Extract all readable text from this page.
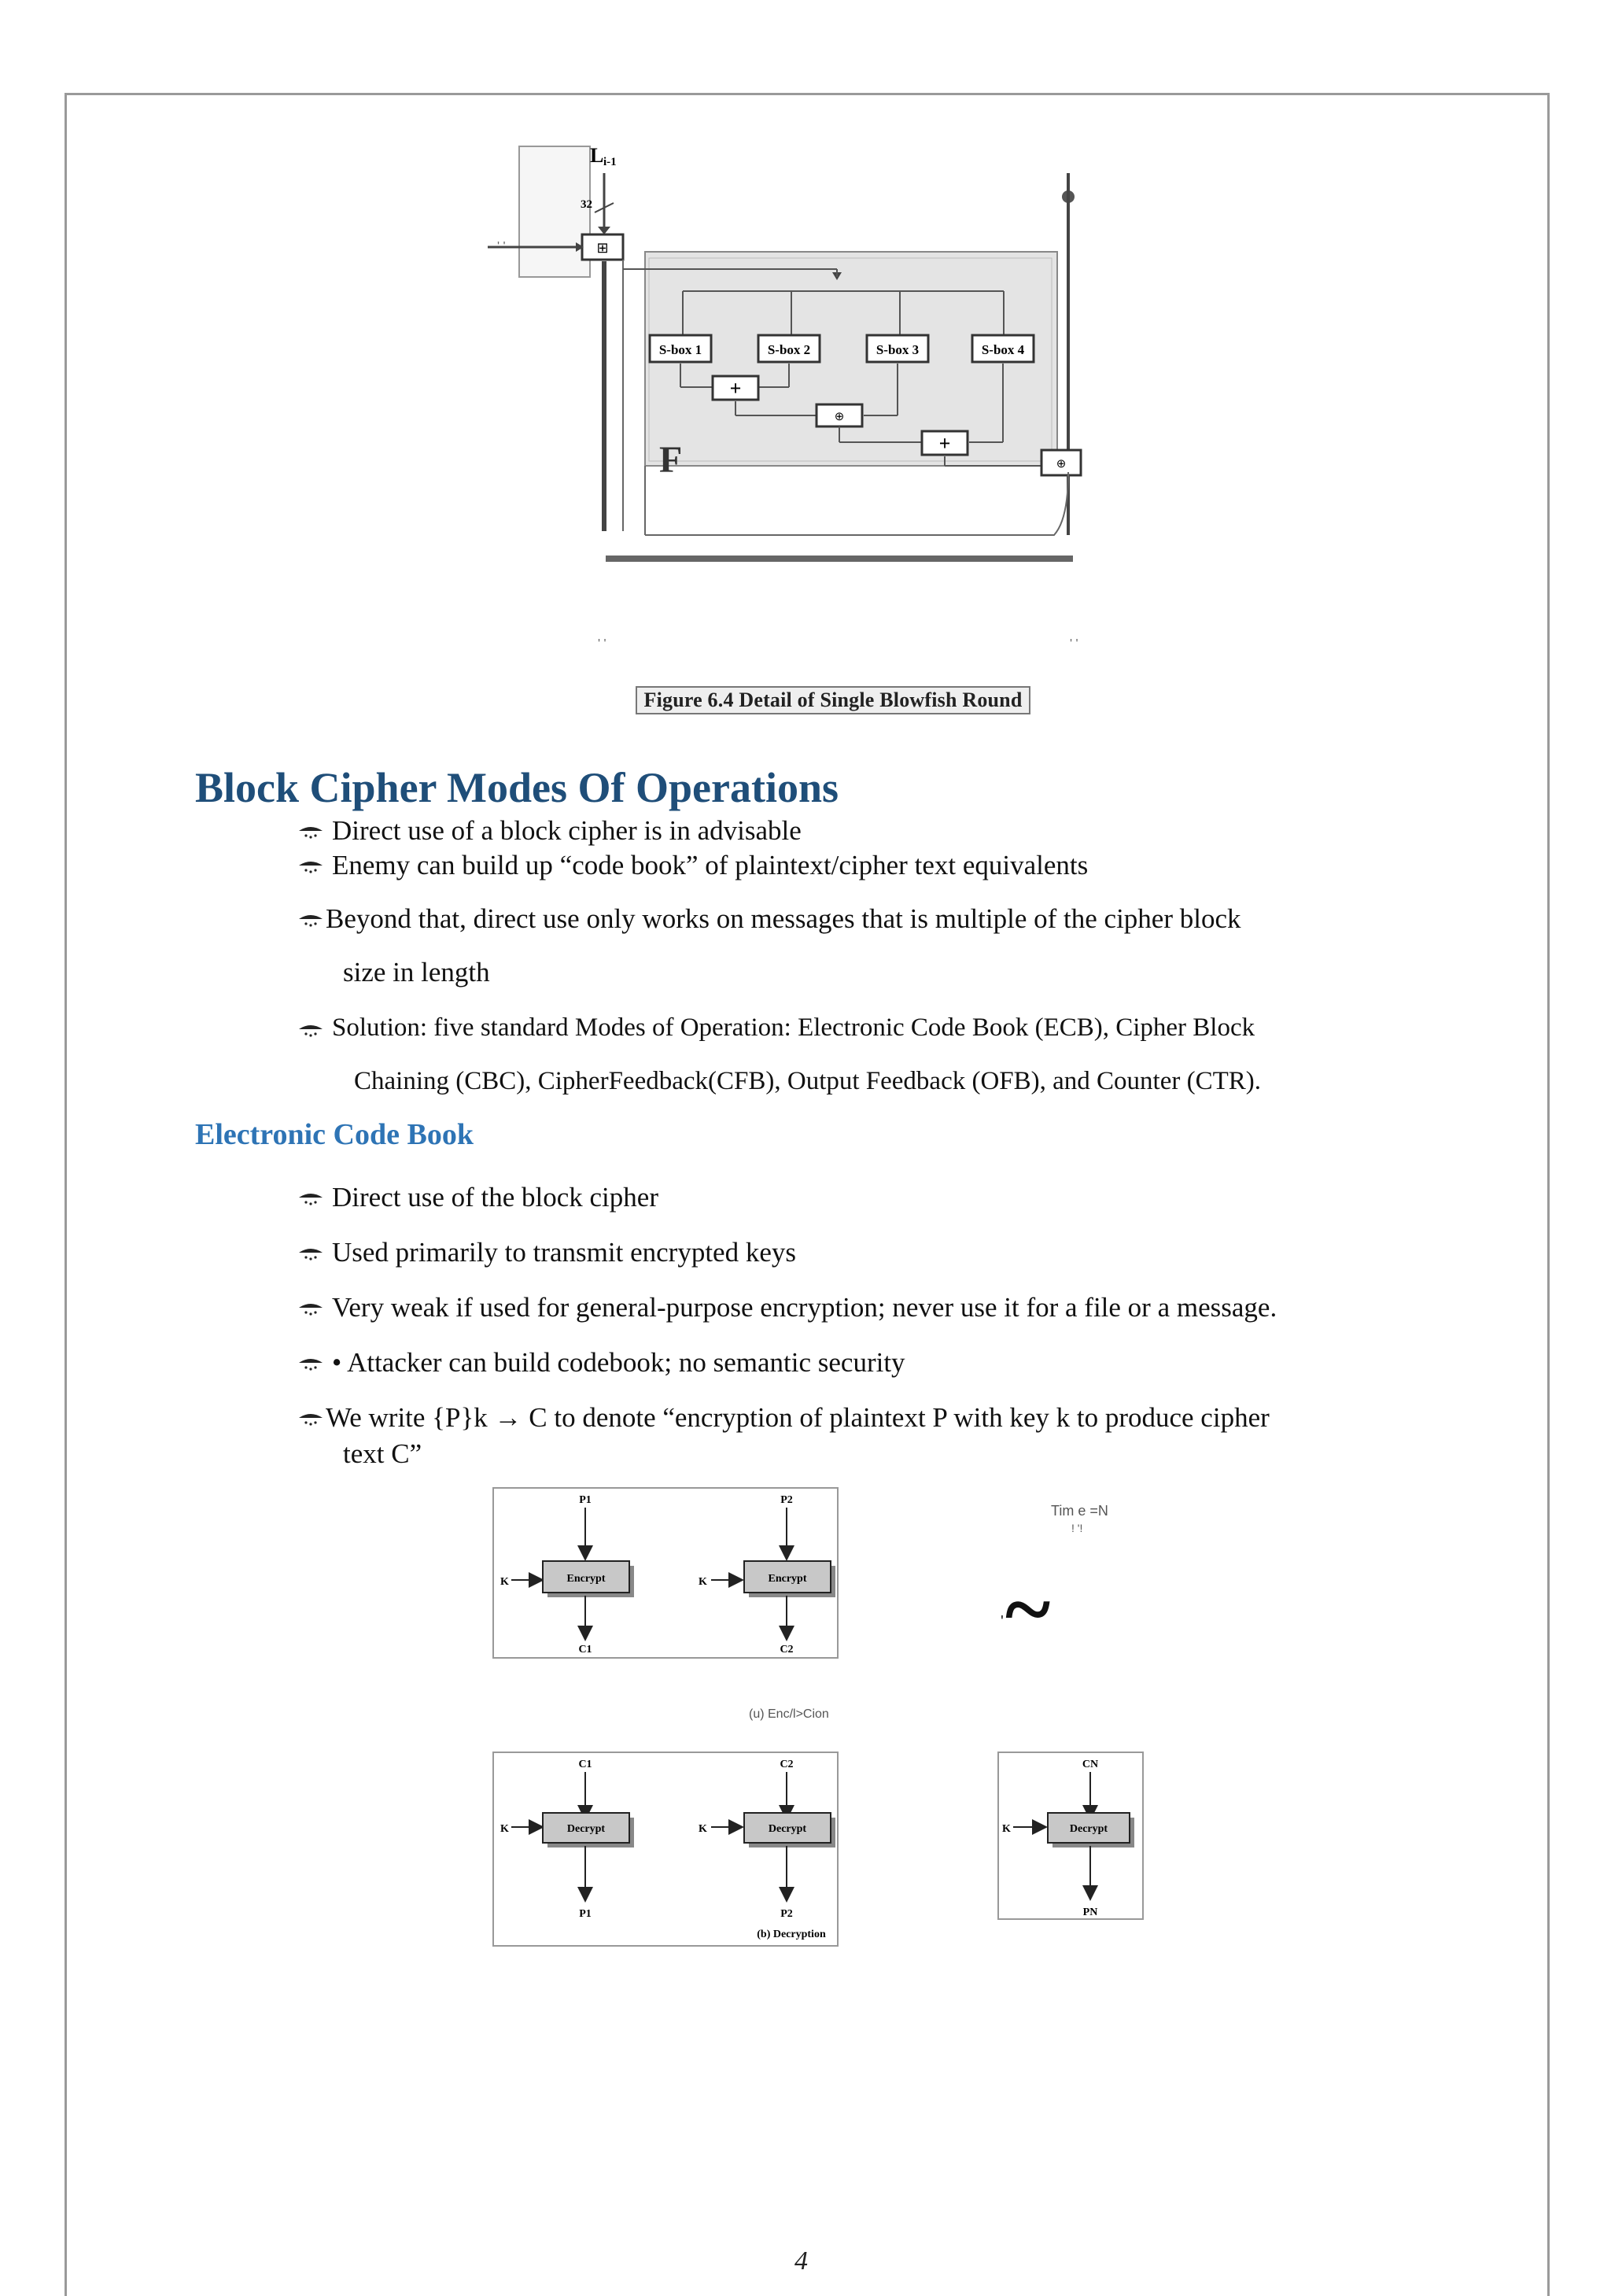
L i-1
32
⊞
S-box 1	S-box 2	S-box 3	S-box 4
+
⊕
+
F	⊕
' '
' '	' '
Figure 6.4 Detail of Single Blowfish Round
Block Cipher Modes Of Operations
Direct use of a block cipher is in advisable
Enemy can build up “code book” of plaintext/cipher text equivalents
Beyond that, direct use only works on messages that is multiple of the cipher block
size in length
Solution: five standard Modes of Operation: Electronic Code Book (ECB), Cipher Block
Chaining (CBC), CipherFeedback(CFB), Output Feedback (OFB), and Counter (CTR).
Electronic Code Book
Direct use of the block cipher
Used primarily to transmit encrypted keys
Very weak if used for general-purpose encryption; never use it for a file or a message.
• Attacker can build codebook; no semantic security
We write {P}k → C to denote “encryption of plaintext P with key k to produce cipher
text C”
P1
K	Encrypt
C1
P2
K	Encrypt
C2
Tim e =N
! '!
' ~
(u) Enc/l>Cion
C1
K	Decrypt
P1
C2
K	Decrypt
P2
(b) Decryption
CN
K	Decrypt
PN
4
